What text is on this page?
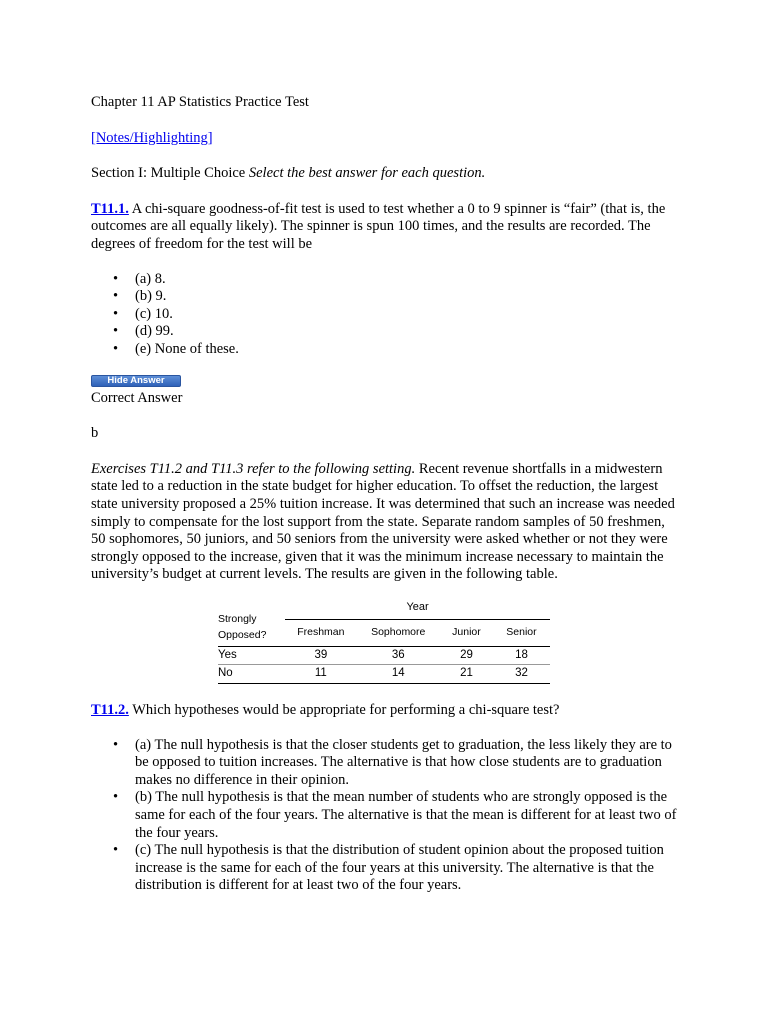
Chapter 11 AP Statistics Practice Test

[Notes/Highlighting]

Section I: Multiple Choice Select the best answer for each question.

T11.1. A chi-square goodness-of-fit test is used to test whether a 0 to 9 spinner is “fair” (that is, the outcomes are all equally likely). The spinner is spun 100 times, and the results are recorded. The degrees of freedom for the test will be

• (a) 8.
• (b) 9.
• (c) 10.
• (d) 99.
• (e) None of these.
Hide Answer

Correct Answer

b

Exercises T11.2 and T11.3 refer to the following setting. Recent revenue shortfalls in a midwestern state led to a reduction in the state budget for higher education. To offset the reduction, the largest state university proposed a 25% tuition increase. It was determined that such an increase was needed simply to compensate for the lost support from the state. Separate random samples of 50 freshmen, 50 sophomores, 50 juniors, and 50 seniors from the university were asked whether or not they were strongly opposed to the increase, given that it was the minimum increase necessary to maintain the university’s budget at current levels. The results are given in the following table.

Strongly
Opposed?	Year			
	Freshman	Sophomore	Junior	Senior
Yes	39	36	29	18
No	11	14	21	32

T11.2. Which hypotheses would be appropriate for performing a chi-square test?

• (a) The null hypothesis is that the closer students get to graduation, the less likely they are to be opposed to tuition increases. The alternative is that how close students are to graduation makes no difference in their opinion.
• (b) The null hypothesis is that the mean number of students who are strongly opposed is the same for each of the four years. The alternative is that the mean is different for at least two of the four years.
• (c) The null hypothesis is that the distribution of student opinion about the proposed tuition increase is the same for each of the four years at this university. The alternative is that the distribution is different for at least two of the four years.
